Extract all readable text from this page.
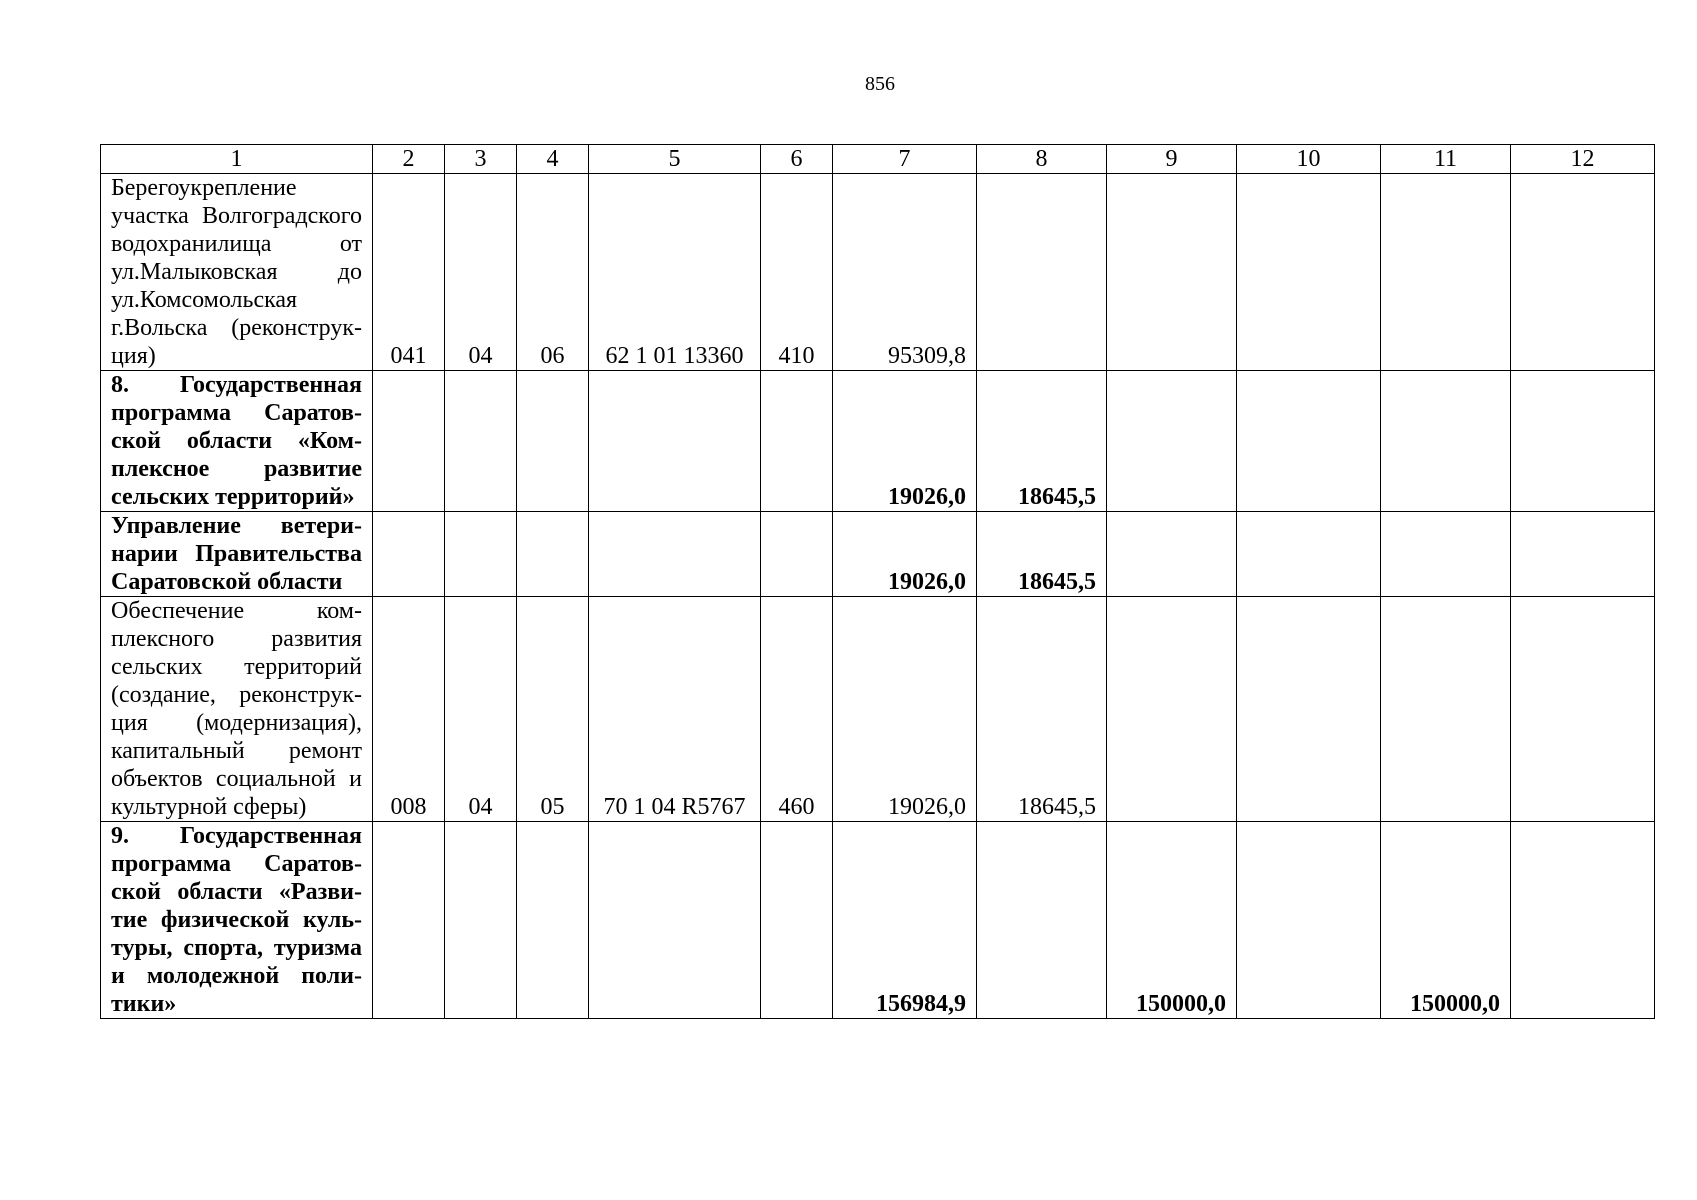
856
1	2	3	4	5	6	7	8	9	10	11	12
Берегоукрепление участка Волгоградского водохранилища от ул.Малыковская до ул.Комсомольская г.Вольска (реконструк-ция)	041	04	06	62 1 01 13360	410	95309,8					
8. Государственная программа Саратов-ской области «Ком-плексное развитие сельских территорий»						19026,0	18645,5				
Управление ветери-нарии Правительства Саратовской области						19026,0	18645,5				
Обеспечение ком-плексного развития сельских территорий (создание, реконструк-ция (модернизация), капитальный ремонт объектов социальной и культурной сферы)	008	04	05	70 1 04 R5767	460	19026,0	18645,5				
9. Государственная программа Саратов-ской области «Разви-тие физической куль-туры, спорта, туризма и молодежной поли-тики»						156984,9		150000,0		150000,0	
